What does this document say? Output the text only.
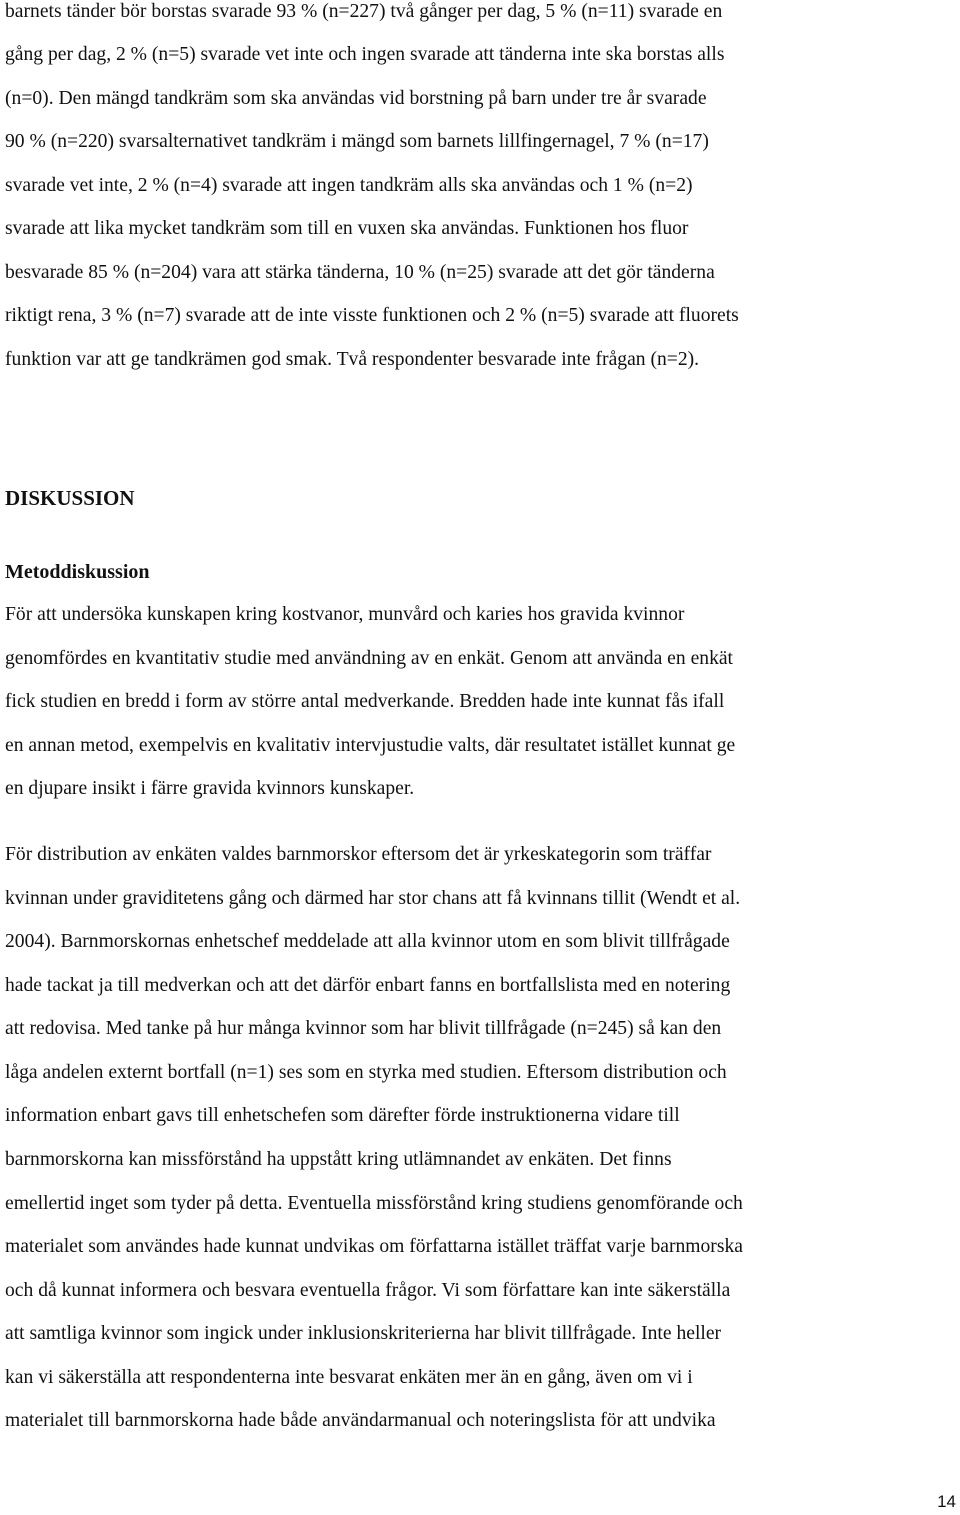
barnets tänder bör borstas svarade 93 % (n=227) två gånger per dag, 5 % (n=11) svarade en
gång per dag, 2 % (n=5) svarade vet inte och ingen svarade att tänderna inte ska borstas alls
(n=0). Den mängd tandkräm som ska användas vid borstning på barn under tre år svarade
90 % (n=220) svarsalternativet tandkräm i mängd som barnets lillfingernagel, 7 % (n=17)
svarade vet inte, 2 % (n=4) svarade att ingen tandkräm alls ska användas och 1 % (n=2)
svarade att lika mycket tandkräm som till en vuxen ska användas. Funktionen hos fluor
besvarade 85 % (n=204) vara att stärka tänderna, 10 % (n=25) svarade att det gör tänderna
riktigt rena, 3 % (n=7) svarade att de inte visste funktionen och 2 % (n=5) svarade att fluorets
funktion var att ge tandkrämen god smak. Två respondenter besvarade inte frågan (n=2).
DISKUSSION
Metoddiskussion
För att undersöka kunskapen kring kostvanor, munvård och karies hos gravida kvinnor
genomfördes en kvantitativ studie med användning av en enkät. Genom att använda en enkät
fick studien en bredd i form av större antal medverkande. Bredden hade inte kunnat fås ifall
en annan metod, exempelvis en kvalitativ intervjustudie valts, där resultatet istället kunnat ge
en djupare insikt i färre gravida kvinnors kunskaper.
För distribution av enkäten valdes barnmorskor eftersom det är yrkeskategorin som träffar
kvinnan under graviditetens gång och därmed har stor chans att få kvinnans tillit (Wendt et al.
2004). Barnmorskornas enhetschef meddelade att alla kvinnor utom en som blivit tillfrågade
hade tackat ja till medverkan och att det därför enbart fanns en bortfallslista med en notering
att redovisa. Med tanke på hur många kvinnor som har blivit tillfrågade (n=245) så kan den
låga andelen externt bortfall (n=1) ses som en styrka med studien. Eftersom distribution och
information enbart gavs till enhetschefen som därefter förde instruktionerna vidare till
barnmorskorna kan missförstånd ha uppstått kring utlämnandet av enkäten. Det finns
emellertid inget som tyder på detta. Eventuella missförstånd kring studiens genomförande och
materialet som användes hade kunnat undvikas om författarna istället träffat varje barnmorska
och då kunnat informera och besvara eventuella frågor. Vi som författare kan inte säkerställa
att samtliga kvinnor som ingick under inklusionskriterierna har blivit tillfrågade. Inte heller
kan vi säkerställa att respondenterna inte besvarat enkäten mer än en gång, även om vi i
materialet till barnmorskorna hade både användarmanual och noteringslista för att undvika
14
